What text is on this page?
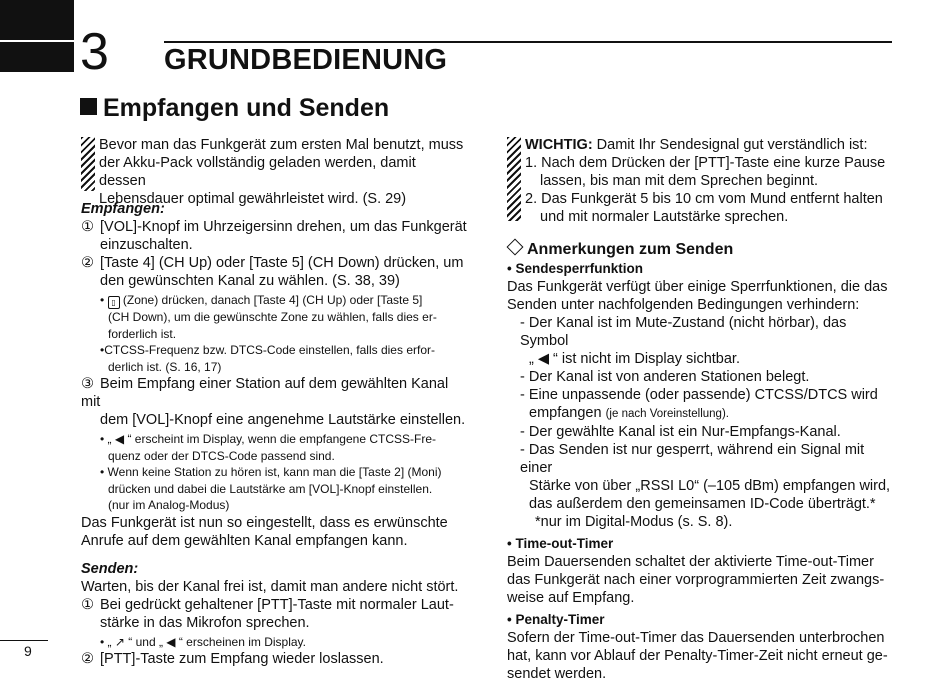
3 GRUNDBEDIENUNG
Empfangen und Senden
Bevor man das Funkgerät zum ersten Mal benutzt, muss
der Akku-Pack vollständig geladen werden, damit dessen
Lebensdauer optimal gewährleistet wird. (S. 29)
Empfangen:
① [VOL]-Knopf im Uhrzeigersinn drehen, um das Funkgerät
einzuschalten.
② [Taste 4] (CH Up) oder [Taste 5] (CH Down) drücken, um
den gewünschten Kanal zu wählen. (S. 38, 39)
• ▯ (Zone) drücken, danach [Taste 4] (CH Up) oder [Taste 5]
(CH Down), um die gewünschte Zone zu wählen, falls dies er-
forderlich ist.
•CTCSS-Frequenz bzw. DTCS-Code einstellen, falls dies erfor-
derlich ist. (S. 16, 17)
③ Beim Empfang einer Station auf dem gewählten Kanal mit
dem [VOL]-Knopf eine angenehme Lautstärke einstellen.
• „ ◀ “ erscheint im Display, wenn die empfangene CTCSS-Fre-
quenz oder der DTCS-Code passend sind.
• Wenn keine Station zu hören ist, kann man die [Taste 2] (Moni)
drücken und dabei die Lautstärke am [VOL]-Knopf einstellen.
(nur im Analog-Modus)
Das Funkgerät ist nun so eingestellt, dass es erwünschte
Anrufe auf dem gewählten Kanal empfangen kann.
Senden:
Warten, bis der Kanal frei ist, damit man andere nicht stört.
① Bei gedrückt gehaltener [PTT]-Taste mit normaler Laut-
stärke in das Mikrofon sprechen.
• „ ↗ “ und „ ◀ “ erscheinen im Display.
② [PTT]-Taste zum Empfang wieder loslassen.
WICHTIG: Damit Ihr Sendesignal gut verständlich ist:
1. Nach dem Drücken der [PTT]-Taste eine kurze Pause
lassen, bis man mit dem Sprechen beginnt.
2. Das Funkgerät 5 bis 10 cm vom Mund entfernt halten
und mit normaler Lautstärke sprechen.
Anmerkungen zum Senden
• Sendesperrfunktion
Das Funkgerät verfügt über einige Sperrfunktionen, die das
Senden unter nachfolgenden Bedingungen verhindern:
- Der Kanal ist im Mute-Zustand (nicht hörbar), das Symbol
„ ◀ “ ist nicht im Display sichtbar.
- Der Kanal ist von anderen Stationen belegt.
- Eine unpassende (oder passende) CTCSS/DTCS wird
empfangen (je nach Voreinstellung).
- Der gewählte Kanal ist ein Nur-Empfangs-Kanal.
- Das Senden ist nur gesperrt, während ein Signal mit einer
Stärke von über „RSSI L0“ (–105 dBm) empfangen wird,
das außerdem den gemeinsamen ID-Code überträgt.*
*nur im Digital-Modus (s. S. 8).
• Time-out-Timer
Beim Dauersenden schaltet der aktivierte Time-out-Timer
das Funkgerät nach einer vorprogrammierten Zeit zwangs-
weise auf Empfang.
• Penalty-Timer
Sofern der Time-out-Timer das Dauersenden unterbrochen
hat, kann vor Ablauf der Penalty-Timer-Zeit nicht erneut ge-
sendet werden.
9
